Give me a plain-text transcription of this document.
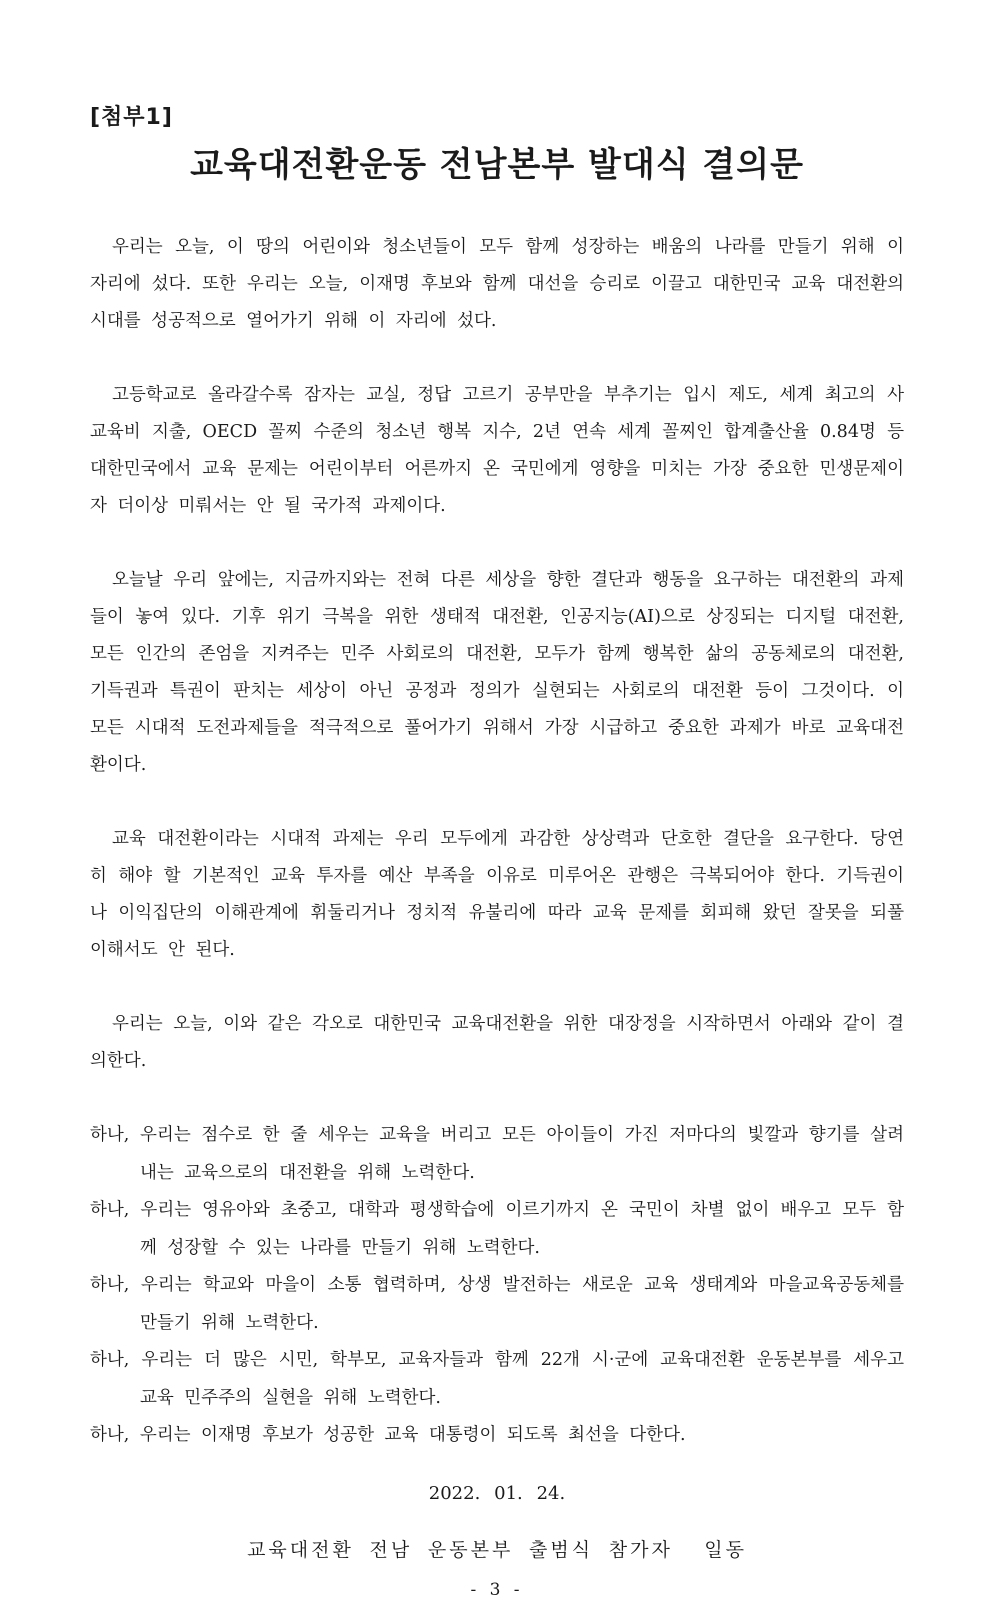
[첨부1]
교육대전환운동 전남본부 발대식 결의문

우리는 오늘, 이 땅의 어린이와 청소년들이 모두 함께 성장하는 배움의 나라를 만들기 위해 이 자리에 섰다. 또한 우리는 오늘, 이재명 후보와 함께 대선을 승리로 이끌고 대한민국 교육 대전환의 시대를 성공적으로 열어가기 위해 이 자리에 섰다.

고등학교로 올라갈수록 잠자는 교실, 정답 고르기 공부만을 부추기는 입시 제도, 세계 최고의 사교육비 지출, OECD 꼴찌 수준의 청소년 행복 지수, 2년 연속 세계 꼴찌인 합계출산율 0.84명 등 대한민국에서 교육 문제는 어린이부터 어른까지 온 국민에게 영향을 미치는 가장 중요한 민생문제이자 더이상 미뤄서는 안 될 국가적 과제이다.

오늘날 우리 앞에는, 지금까지와는 전혀 다른 세상을 향한 결단과 행동을 요구하는 대전환의 과제들이 놓여 있다. 기후 위기 극복을 위한 생태적 대전환, 인공지능(AI)으로 상징되는 디지털 대전환, 모든 인간의 존엄을 지켜주는 민주 사회로의 대전환, 모두가 함께 행복한 삶의 공동체로의 대전환, 기득권과 특권이 판치는 세상이 아닌 공정과 정의가 실현되는 사회로의 대전환 등이 그것이다. 이 모든 시대적 도전과제들을 적극적으로 풀어가기 위해서 가장 시급하고 중요한 과제가 바로 교육대전환이다.

교육 대전환이라는 시대적 과제는 우리 모두에게 과감한 상상력과 단호한 결단을 요구한다. 당연히 해야 할 기본적인 교육 투자를 예산 부족을 이유로 미루어온 관행은 극복되어야 한다. 기득권이나 이익집단의 이해관계에 휘둘리거나 정치적 유불리에 따라 교육 문제를 회피해 왔던 잘못을 되풀이해서도 안 된다.

우리는 오늘, 이와 같은 각오로 대한민국 교육대전환을 위한 대장정을 시작하면서 아래와 같이 결의한다.

하나, 우리는 점수로 한 줄 세우는 교육을 버리고 모든 아이들이 가진 저마다의 빛깔과 향기를 살려내는 교육으로의 대전환을 위해 노력한다.

하나, 우리는 영유아와 초중고, 대학과 평생학습에 이르기까지 온 국민이 차별 없이 배우고 모두 함께 성장할 수 있는 나라를 만들기 위해 노력한다.

하나, 우리는 학교와 마을이 소통 협력하며, 상생 발전하는 새로운 교육 생태계와 마을교육공동체를 만들기 위해 노력한다.

하나, 우리는 더 많은 시민, 학부모, 교육자들과 함께 22개 시·군에 교육대전환 운동본부를 세우고 교육 민주주의 실현을 위해 노력한다.

하나, 우리는 이재명 후보가 성공한 교육 대통령이 되도록 최선을 다한다.

2022. 01. 24.
교육대전환 전남 운동본부 출범식 참가자  일동
- 3 -
